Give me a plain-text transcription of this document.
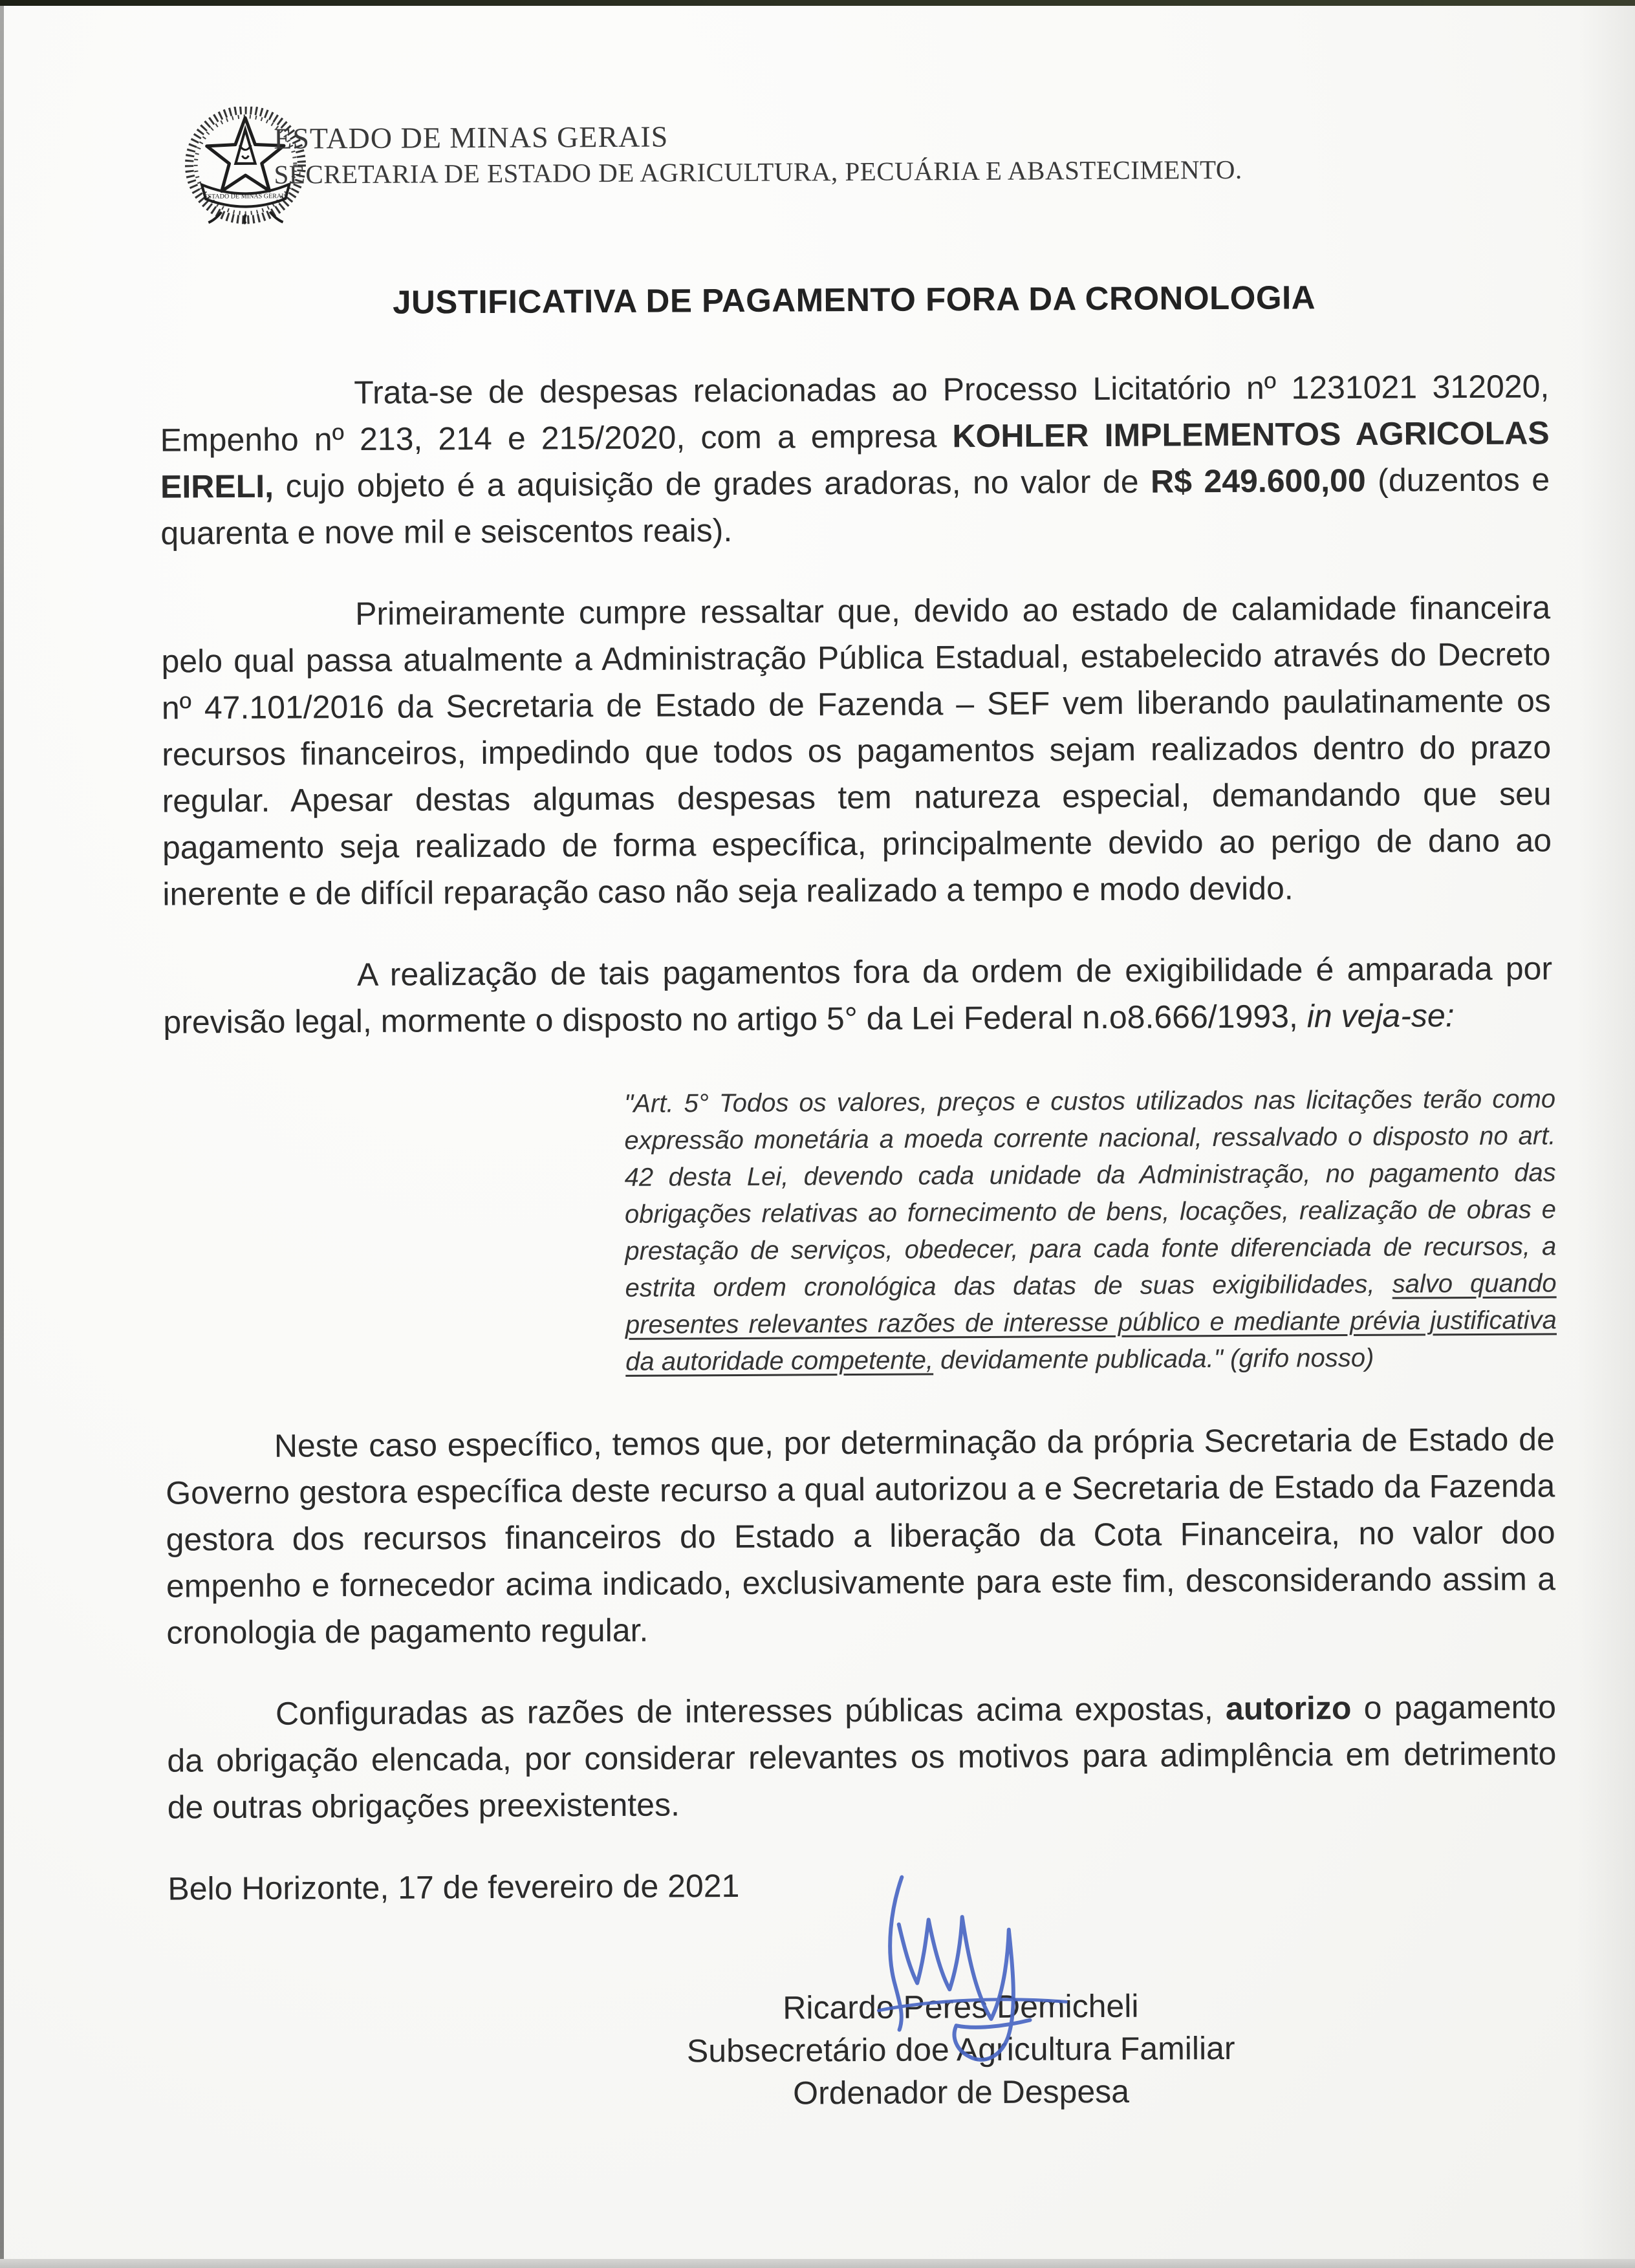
ESTADO DE MINAS GERAIS
ESTADO DE MINAS GERAIS
SECRETARIA DE ESTADO DE AGRICULTURA, PECUÁRIA E ABASTECIMENTO.
JUSTIFICATIVA DE PAGAMENTO FORA DA CRONOLOGIA

Trata-se de despesas relacionadas ao Processo Licitatório nº 1231021 312020, Empenho nº 213, 214 e 215/2020, com a empresa KOHLER IMPLEMENTOS AGRICOLAS EIRELI, cujo objeto é a aquisição de grades aradoras, no valor de R$ 249.600,00 (duzentos e quarenta e nove mil e seiscentos reais).

Primeiramente cumpre ressaltar que, devido ao estado de calamidade financeira pelo qual passa atualmente a Administração Pública Estadual, estabelecido através do Decreto nº 47.101/2016 da Secretaria de Estado de Fazenda – SEF vem liberando paulatinamente os recursos financeiros, impedindo que todos os pagamentos sejam realizados dentro do prazo regular. Apesar destas algumas despesas tem natureza especial, demandando que seu pagamento seja realizado de forma específica, principalmente devido ao perigo de dano ao inerente e de difícil reparação caso não seja realizado a tempo e modo devido.

A realização de tais pagamentos fora da ordem de exigibilidade é amparada por previsão legal, mormente o disposto no artigo 5° da Lei Federal n.o8.666/1993, in veja-se:

"Art. 5° Todos os valores, preços e custos utilizados nas licitações terão como expressão monetária a moeda corrente nacional, ressalvado o disposto no art. 42 desta Lei, devendo cada unidade da Administração, no pagamento das obrigações relativas ao fornecimento de bens, locações, realização de obras e prestação de serviços, obedecer, para cada fonte diferenciada de recursos, a estrita ordem cronológica das datas de suas exigibilidades, salvo quando presentes relevantes razões de interesse público e mediante prévia justificativa da autoridade competente, devidamente publicada." (grifo nosso)

Neste caso específico, temos que, por determinação da própria Secretaria de Estado de Governo gestora específica deste recurso a qual autorizou a e Secretaria de Estado da Fazenda gestora dos recursos financeiros do Estado a liberação da Cota Financeira, no valor doo empenho e fornecedor acima indicado, exclusivamente para este fim, desconsiderando assim a cronologia de pagamento regular.

Configuradas as razões de interesses públicas acima expostas, autorizo o pagamento da obrigação elencada, por considerar relevantes os motivos para adimplência em detrimento de outras obrigações preexistentes.

Belo Horizonte, 17 de fevereiro de 2021

Ricardo Peres Demicheli
Subsecretário doe Agricultura Familiar
Ordenador de Despesa
